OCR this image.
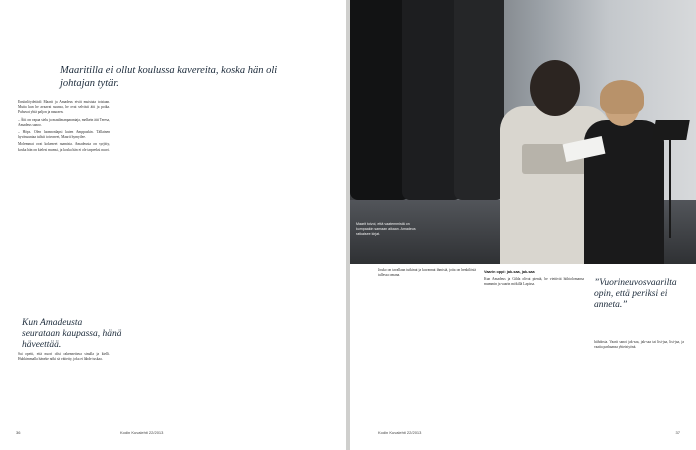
Maaritilla ei ollut koulussa kavereita, koska hän oli johtajan tytär.

Ensiinlöydetäoli Maarit ja Amadeus eivät muistuta toisiaan. Mutta kun he avaavat suunsa, he ovat selvästi äiti ja poika. Puhuvat yhtä paljon ja nauraen.

– Äiti on vapaa sielu ja maailmanparantaja, melkein äiti Teresa, Amadeus sanoo.

– Höps. Olen luonnonlapsi kuten Amppuskin. Tällainen hyväsuuntaa tulisit toivoneet, Maarit hymyilee.

Molemmat ovat kokeneet raamista. Amadeusta on syrjitty, koska hän on kielesi mumsi, ja koska hän ei ole tarpeeksi nuori.

Kun Amadeusta seurataan kaupassa, hänä häveettää.
Sai opetti, että nuori olisi rakennettava sinulla ja kielli. Huhkimmalla häneke nöki sä väitetty, joka ei lähde tuskaa.
36	Kodin Kuvalehti 22/2013
Maarit toivoi, että vaatemmistä on kumpaakin samaan aikaan. Amadeus ratkaisee kirjat.
Jouko on tavallaan tutkinut ja kuvannut ihmisiä, joita on henkilöstä tullessa omana.

Vaarin oppi: jak-saa, jak-saa

Kun Amadeus ja Gilda olivat pieniä, he viettivät hiihtolomansa mummin ja vaarin mökillä Lapissa.	”Vuorineuvosvaarilta opin, että periksi ei anneta.”
hiihdosta. Vaarit sanoi jak-saa, jak-saa tai lisi-jaa, lisi-jaa, ja vaatia parhaansa yhteistyönä.
Kodin Kuvalehti 22/2013	37
